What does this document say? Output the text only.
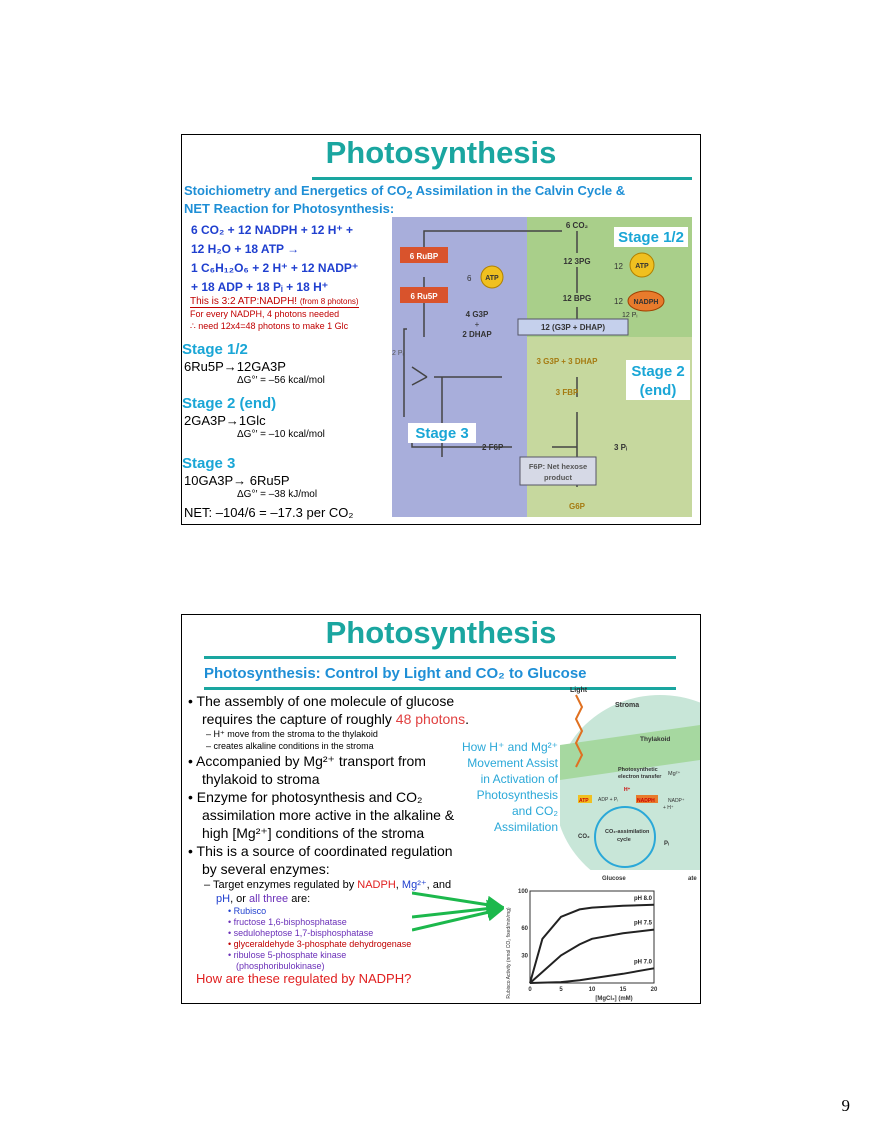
Photosynthesis
Stoichiometry and Energetics of $CO_2$ Assimilation in the Calvin Cycle &
NET Reaction for Photosynthesis:
6 CO₂ + 12 NADPH + 12 H⁺ +
12 H₂O + 18 ATP →
1 C₆H₁₂O₆ + 2 H⁺ + 12 NADP⁺
+ 18 ADP + 18 Pᵢ + 18 H⁺
This is 3:2 ATP:NADPH! (from 8 photons)
For every NADPH, 4 photons needed
∴ need 12x4=48 photons to make 1 Glc
Stage 1/2
6Ru5P→12GA3P
ΔG°′ = –56 kcal/mol
Stage 2 (end)
2GA3P→1Glc
ΔG°′ = –10 kcal/mol
Stage 3
10GA3P→ 6Ru5P
ΔG°′ = –38 kJ/mol
NET: –104/6 = –17.3 per CO₂
6 RuBP
6 Ru5P
6 CO₂
12 3PG
12 BPG
ATP
6
ATP
12
NADPH
12
12 Pᵢ
4 G3P
+
2 DHAP
12 (G3P + DHAP)
2 Pᵢ
3 G3P + 3 DHAP
3 FBP
2 F6P	3 Pᵢ
F6P: Net hexose
product
G6P
Stage 1/2
Stage 2
(end)
Stage 3
Photosynthesis
Photosynthesis: Control by Light and CO₂ to Glucose
• The assembly of one molecule of glucose
requires the capture of roughly 48 photons.
– H⁺ move from the stroma to the thylakoid
– creates alkaline conditions in the stroma
• Accompanied by Mg²⁺ transport from
thylakoid to stroma
• Enzyme for photosynthesis and CO₂
assimilation more active in the alkaline &
high [Mg²⁺] conditions of the stroma
• This is a source of coordinated regulation
by several enzymes:
– Target enzymes regulated by NADPH, Mg²⁺, and
pH, or all three are:
• Rubisco
• fructose 1,6-bisphosphatase
• seduloheptose 1,7-bisphosphatase
• glyceraldehyde 3-phosphate dehydrogenase
• ribulose 5-phosphate kinase
(phosphoribulokinase)
How are these regulated by NADPH?
How H⁺ and Mg²⁺
Movement Assist
in Activation of
Photosynthesis
and CO₂
Assimilation
Light
Stroma
Thylakoid
Photosynthetic
electron transfer Mg²⁺
ATP ADP + Pᵢ
H⁺
NADPH	NADP⁺
+ H⁺
CO₂-assimilation
cycle
CO₂
Pᵢ
Glucose	ate
pH 8.0
pH 7.5
pH 7.0
0	5	10	15	20
30
60
100
Rubisco Activity (nmol CO₂ fixed/min/mg)
[MgCl₂] (mM)
9
